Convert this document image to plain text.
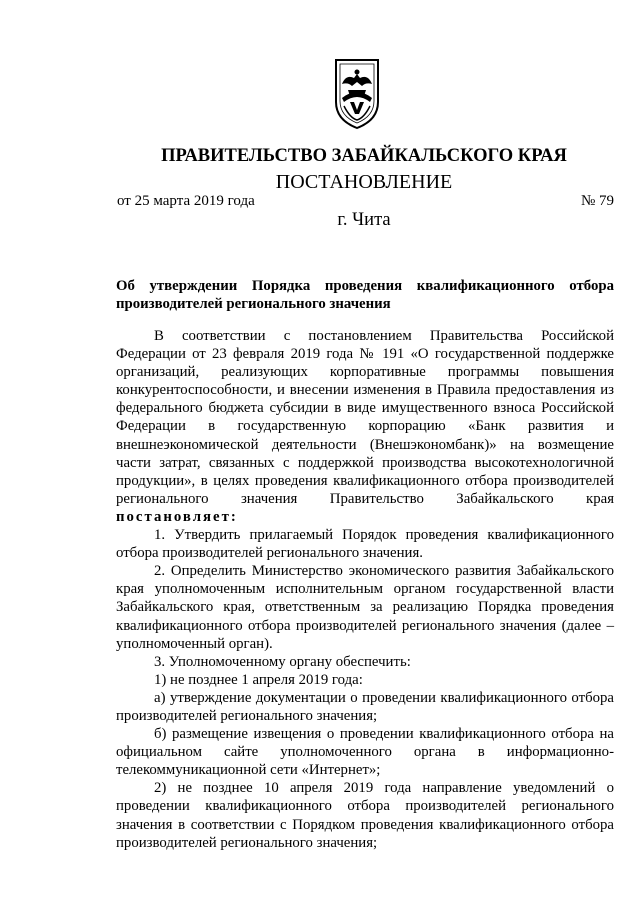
ПРАВИТЕЛЬСТВО ЗАБАЙКАЛЬСКОГО КРАЯ
ПОСТАНОВЛЕНИЕ
от 25 марта 2019 года	№ 79
г. Чита
Об утверждении Порядка проведения квалификационного отбора производителей регионального значения

В соответствии с постановлением Правительства Российской Федерации от 23 февраля 2019 года № 191 «О государственной поддержке организаций, реализующих корпоративные программы повышения конкурентоспособности, и внесении изменения в Правила предоставления из федерального бюджета субсидии в виде имущественного взноса Российской Федерации в государственную корпорацию «Банк развития и внешнеэкономической деятельности (Внешэкономбанк)» на возмещение части затрат, связанных с поддержкой производства высокотехнологичной продукции», в целях проведения квалификационного отбора производителей регионального значения Правительство Забайкальского края постановляет:

1. Утвердить прилагаемый Порядок проведения квалификационного отбора производителей регионального значения.

2. Определить Министерство экономического развития Забайкальского края уполномоченным исполнительным органом государственной власти Забайкальского края, ответственным за реализацию Порядка проведения квалификационного отбора производителей регионального значения (далее – уполномоченный орган).

3. Уполномоченному органу обеспечить:

1) не позднее 1 апреля 2019 года:

а) утверждение документации о проведении квалификационного отбора производителей регионального значения;

б) размещение извещения о проведении квалификационного отбора на официальном сайте уполномоченного органа в информационно-телекоммуникационной сети «Интернет»;

2) не позднее 10 апреля 2019 года направление уведомлений о проведении квалификационного отбора производителей регионального значения в соответствии с Порядком проведения квалификационного отбора производителей регионального значения;
